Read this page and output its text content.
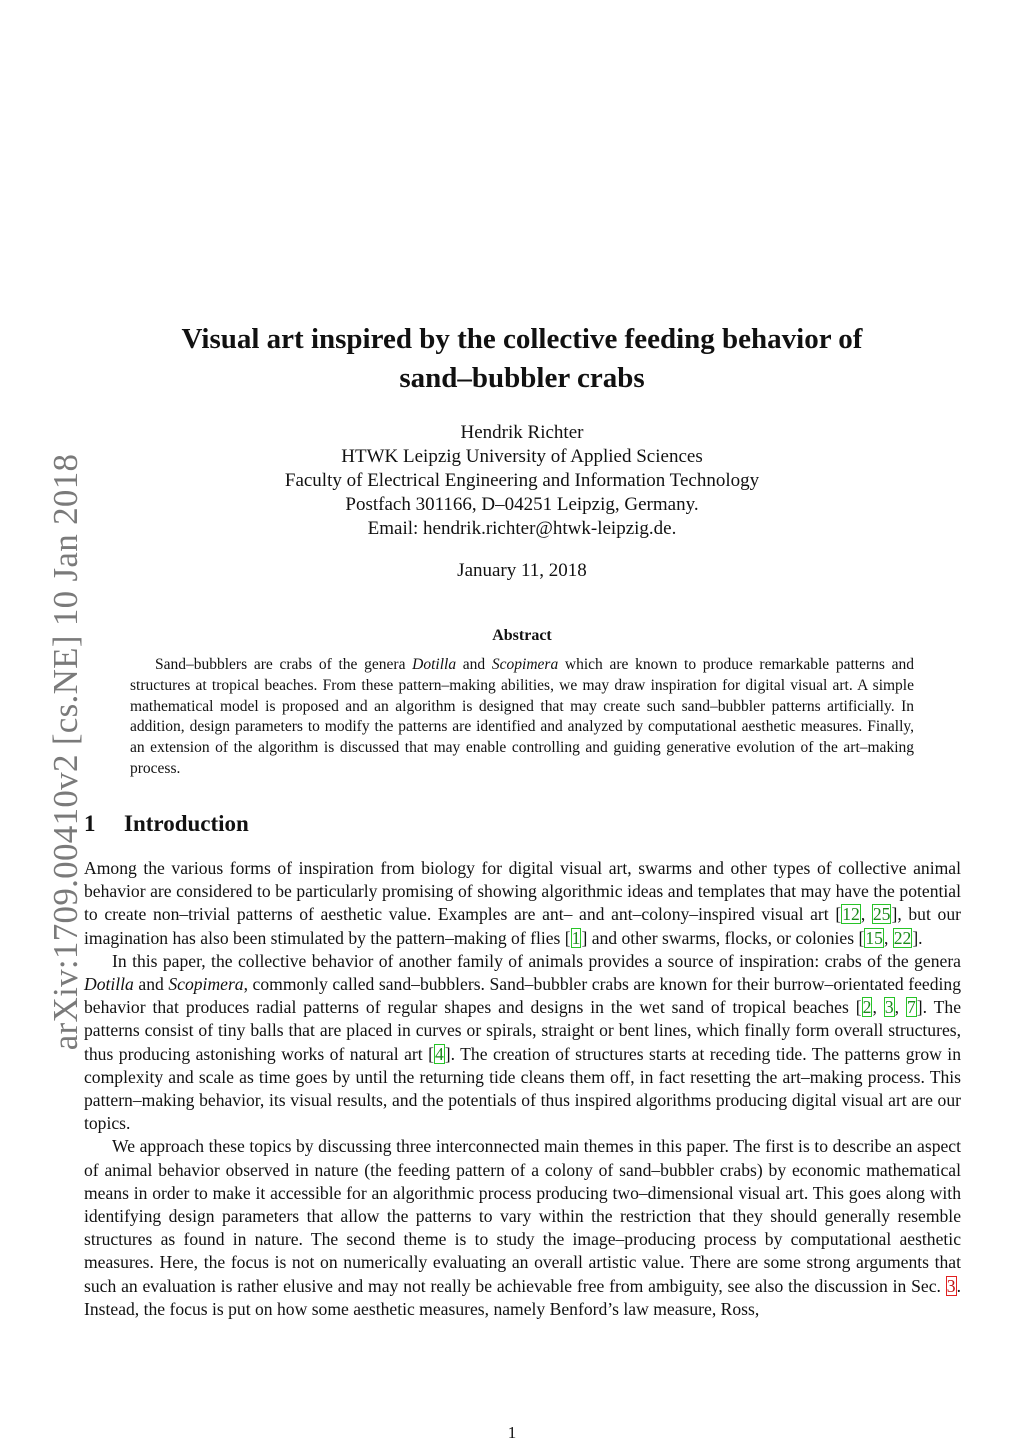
arXiv:1709.00410v2 [cs.NE] 10 Jan 2018
Visual art inspired by the collective feeding behavior of
sand–bubbler crabs
Hendrik Richter
HTWK Leipzig University of Applied Sciences
Faculty of Electrical Engineering and Information Technology
Postfach 301166, D–04251 Leipzig, Germany.
Email: hendrik.richter@htwk-leipzig.de.
January 11, 2018
Abstract
Sand–bubblers are crabs of the genera Dotilla and Scopimera which are known to produce remarkable patterns and structures at tropical beaches. From these pattern–making abilities, we may draw inspiration for digital visual art. A simple mathematical model is proposed and an algorithm is designed that may create such sand–bubbler patterns artificially. In addition, design parameters to modify the patterns are identified and analyzed by computational aesthetic measures. Finally, an extension of the algorithm is discussed that may enable controlling and guiding generative evolution of the art–making process.
1 Introduction

Among the various forms of inspiration from biology for digital visual art, swarms and other types of collective animal behavior are considered to be particularly promising of showing algorithmic ideas and templates that may have the potential to create non–trivial patterns of aesthetic value. Examples are ant– and ant–colony–inspired visual art [12, 25], but our imagination has also been stimulated by the pattern–making of flies [1] and other swarms, flocks, or colonies [15, 22].

In this paper, the collective behavior of another family of animals provides a source of inspiration: crabs of the genera Dotilla and Scopimera, commonly called sand–bubblers. Sand–bubbler crabs are known for their burrow–orientated feeding behavior that produces radial patterns of regular shapes and designs in the wet sand of tropical beaches [2, 3, 7]. The patterns consist of tiny balls that are placed in curves or spirals, straight or bent lines, which finally form overall structures, thus producing astonishing works of natural art [4]. The creation of structures starts at receding tide. The patterns grow in complexity and scale as time goes by until the returning tide cleans them off, in fact resetting the art–making process. This pattern–making behavior, its visual results, and the potentials of thus inspired algorithms producing digital visual art are our topics.

We approach these topics by discussing three interconnected main themes in this paper. The first is to describe an aspect of animal behavior observed in nature (the feeding pattern of a colony of sand–bubbler crabs) by economic mathematical means in order to make it accessible for an algorithmic process producing two–dimensional visual art. This goes along with identifying design parameters that allow the patterns to vary within the restriction that they should generally resemble structures as found in nature. The second theme is to study the image–producing process by computational aesthetic measures. Here, the focus is not on numerically evaluating an overall artistic value. There are some strong arguments that such an evaluation is rather elusive and may not really be achievable free from ambiguity, see also the discussion in Sec. 3. Instead, the focus is put on how some aesthetic measures, namely Benford’s law measure, Ross,

1
